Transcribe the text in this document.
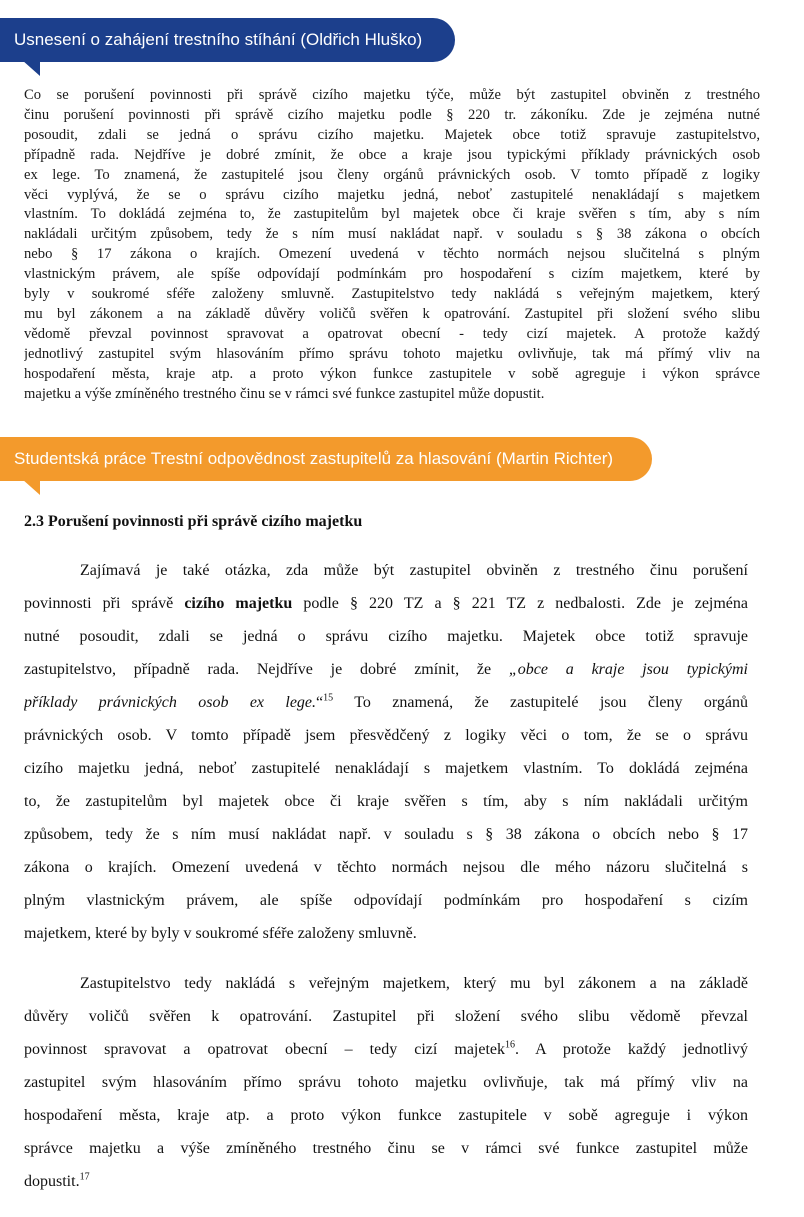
Usnesení o zahájení trestního stíhání (Oldřich Hluško)
Co se porušení povinnosti při správě cizího majetku týče, může být zastupitel obviněn z trestného
činu porušení povinnosti při správě cizího majetku podle § 220 tr. zákoníku. Zde je zejména nutné
posoudit, zdali se jedná o správu cizího majetku. Majetek obce totiž spravuje zastupitelstvo,
případně rada. Nejdříve je dobré zmínit, že obce a kraje jsou typickými příklady právnických osob
ex lege. To znamená, že zastupitelé jsou členy orgánů právnických osob. V tomto případě z logiky
věci vyplývá, že se o správu cizího majetku jedná, neboť zastupitelé nenakládají s majetkem
vlastním. To dokládá zejména to, že zastupitelům byl majetek obce či kraje svěřen s tím, aby s ním
nakládali určitým způsobem, tedy že s ním musí nakládat např. v souladu s § 38 zákona o obcích
nebo § 17 zákona o krajích. Omezení uvedená v těchto normách nejsou slučitelná s plným
vlastnickým právem, ale spíše odpovídají podmínkám pro hospodaření s cizím majetkem, které by
byly v soukromé sféře založeny smluvně. Zastupitelstvo tedy nakládá s veřejným majetkem, který
mu byl zákonem a na základě důvěry voličů svěřen k opatrování. Zastupitel při složení svého slibu
vědomě převzal povinnost spravovat a opatrovat obecní - tedy cizí majetek. A protože každý
jednotlivý zastupitel svým hlasováním přímo správu tohoto majetku ovlivňuje, tak má přímý vliv na
hospodaření města, kraje atp. a proto výkon funkce zastupitele v sobě agreguje i výkon správce
majetku a výše zmíněného trestného činu se v rámci své funkce zastupitel může dopustit.
Studentská práce Trestní odpovědnost zastupitelů za hlasování (Martin Richter)
2.3 Porušení povinnosti při správě cizího majetku
Zajímavá je také otázka, zda může být zastupitel obviněn z trestného činu porušení
povinnosti při správě cizího majetku podle § 220 TZ a § 221 TZ z nedbalosti. Zde je zejména
nutné posoudit, zdali se jedná o správu cizího majetku. Majetek obce totiž spravuje
zastupitelstvo, případně rada. Nejdříve je dobré zmínit, že „obce a kraje jsou typickými
příklady právnických osob ex lege.“$^{15}$ To znamená, že zastupitelé jsou členy orgánů
právnických osob. V tomto případě jsem přesvědčený z logiky věci o tom, že se o správu
cizího majetku jedná, neboť zastupitelé nenakládají s majetkem vlastním. To dokládá zejména
to, že zastupitelům byl majetek obce či kraje svěřen s tím, aby s ním nakládali určitým
způsobem, tedy že s ním musí nakládat např. v souladu s § 38 zákona o obcích nebo § 17
zákona o krajích. Omezení uvedená v těchto normách nejsou dle mého názoru slučitelná s
plným vlastnickým právem, ale spíše odpovídají podmínkám pro hospodaření s cizím
majetkem, které by byly v soukromé sféře založeny smluvně.
Zastupitelstvo tedy nakládá s veřejným majetkem, který mu byl zákonem a na základě
důvěry voličů svěřen k opatrování. Zastupitel při složení svého slibu vědomě převzal
povinnost spravovat a opatrovat obecní – tedy cizí majetek$^{16}$. A protože každý jednotlivý
zastupitel svým hlasováním přímo správu tohoto majetku ovlivňuje, tak má přímý vliv na
hospodaření města, kraje atp. a proto výkon funkce zastupitele v sobě agreguje i výkon
správce majetku a výše zmíněného trestného činu se v rámci své funkce zastupitel může
dopustit.$^{17}$
